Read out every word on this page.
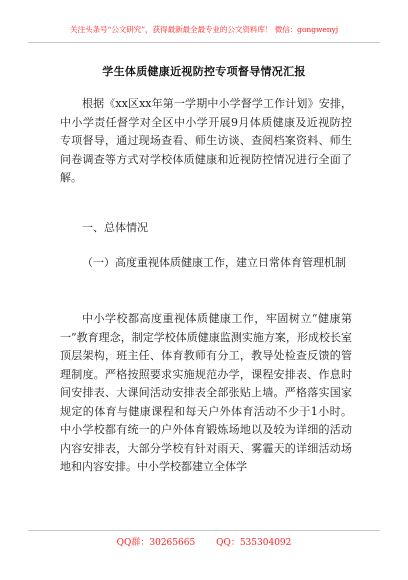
关注头条号“公文研究”，获得最新最全最专业的公文资料库！ 微信：gongwenyj
学生体质健康近视防控专项督导情况汇报

根据《xx区xx年第一学期中小学督学工作计划》安排，中小学责任督学对全区中小学开展9月体质健康及近视防控专项督导，通过现场查看、师生访谈、查阅档案资料、师生问卷调查等方式对学校体质健康和近视防控情况进行全面了解。

一、总体情况

（一）高度重视体质健康工作，建立日常体育管理机制

中小学校都高度重视体质健康工作，牢固树立“健康第一”教育理念，制定学校体质健康监测实施方案，形成校长室顶层架构，班主任、体育教师有分工，教导处检查反馈的管理制度。严格按照要求实施规范办学，课程安排表、作息时间安排表、大课间活动安排表全部张贴上墙。严格落实国家规定的体育与健康课程和每天户外体育活动不少于1小时。中小学校都有统一的户外体育锻炼场地以及较为详细的活动内容安排表，大部分学校有针对雨天、雾霾天的详细活动场地和内容安排。中小学校都建立全体学

QQ群：30265665 QQ：535304092
